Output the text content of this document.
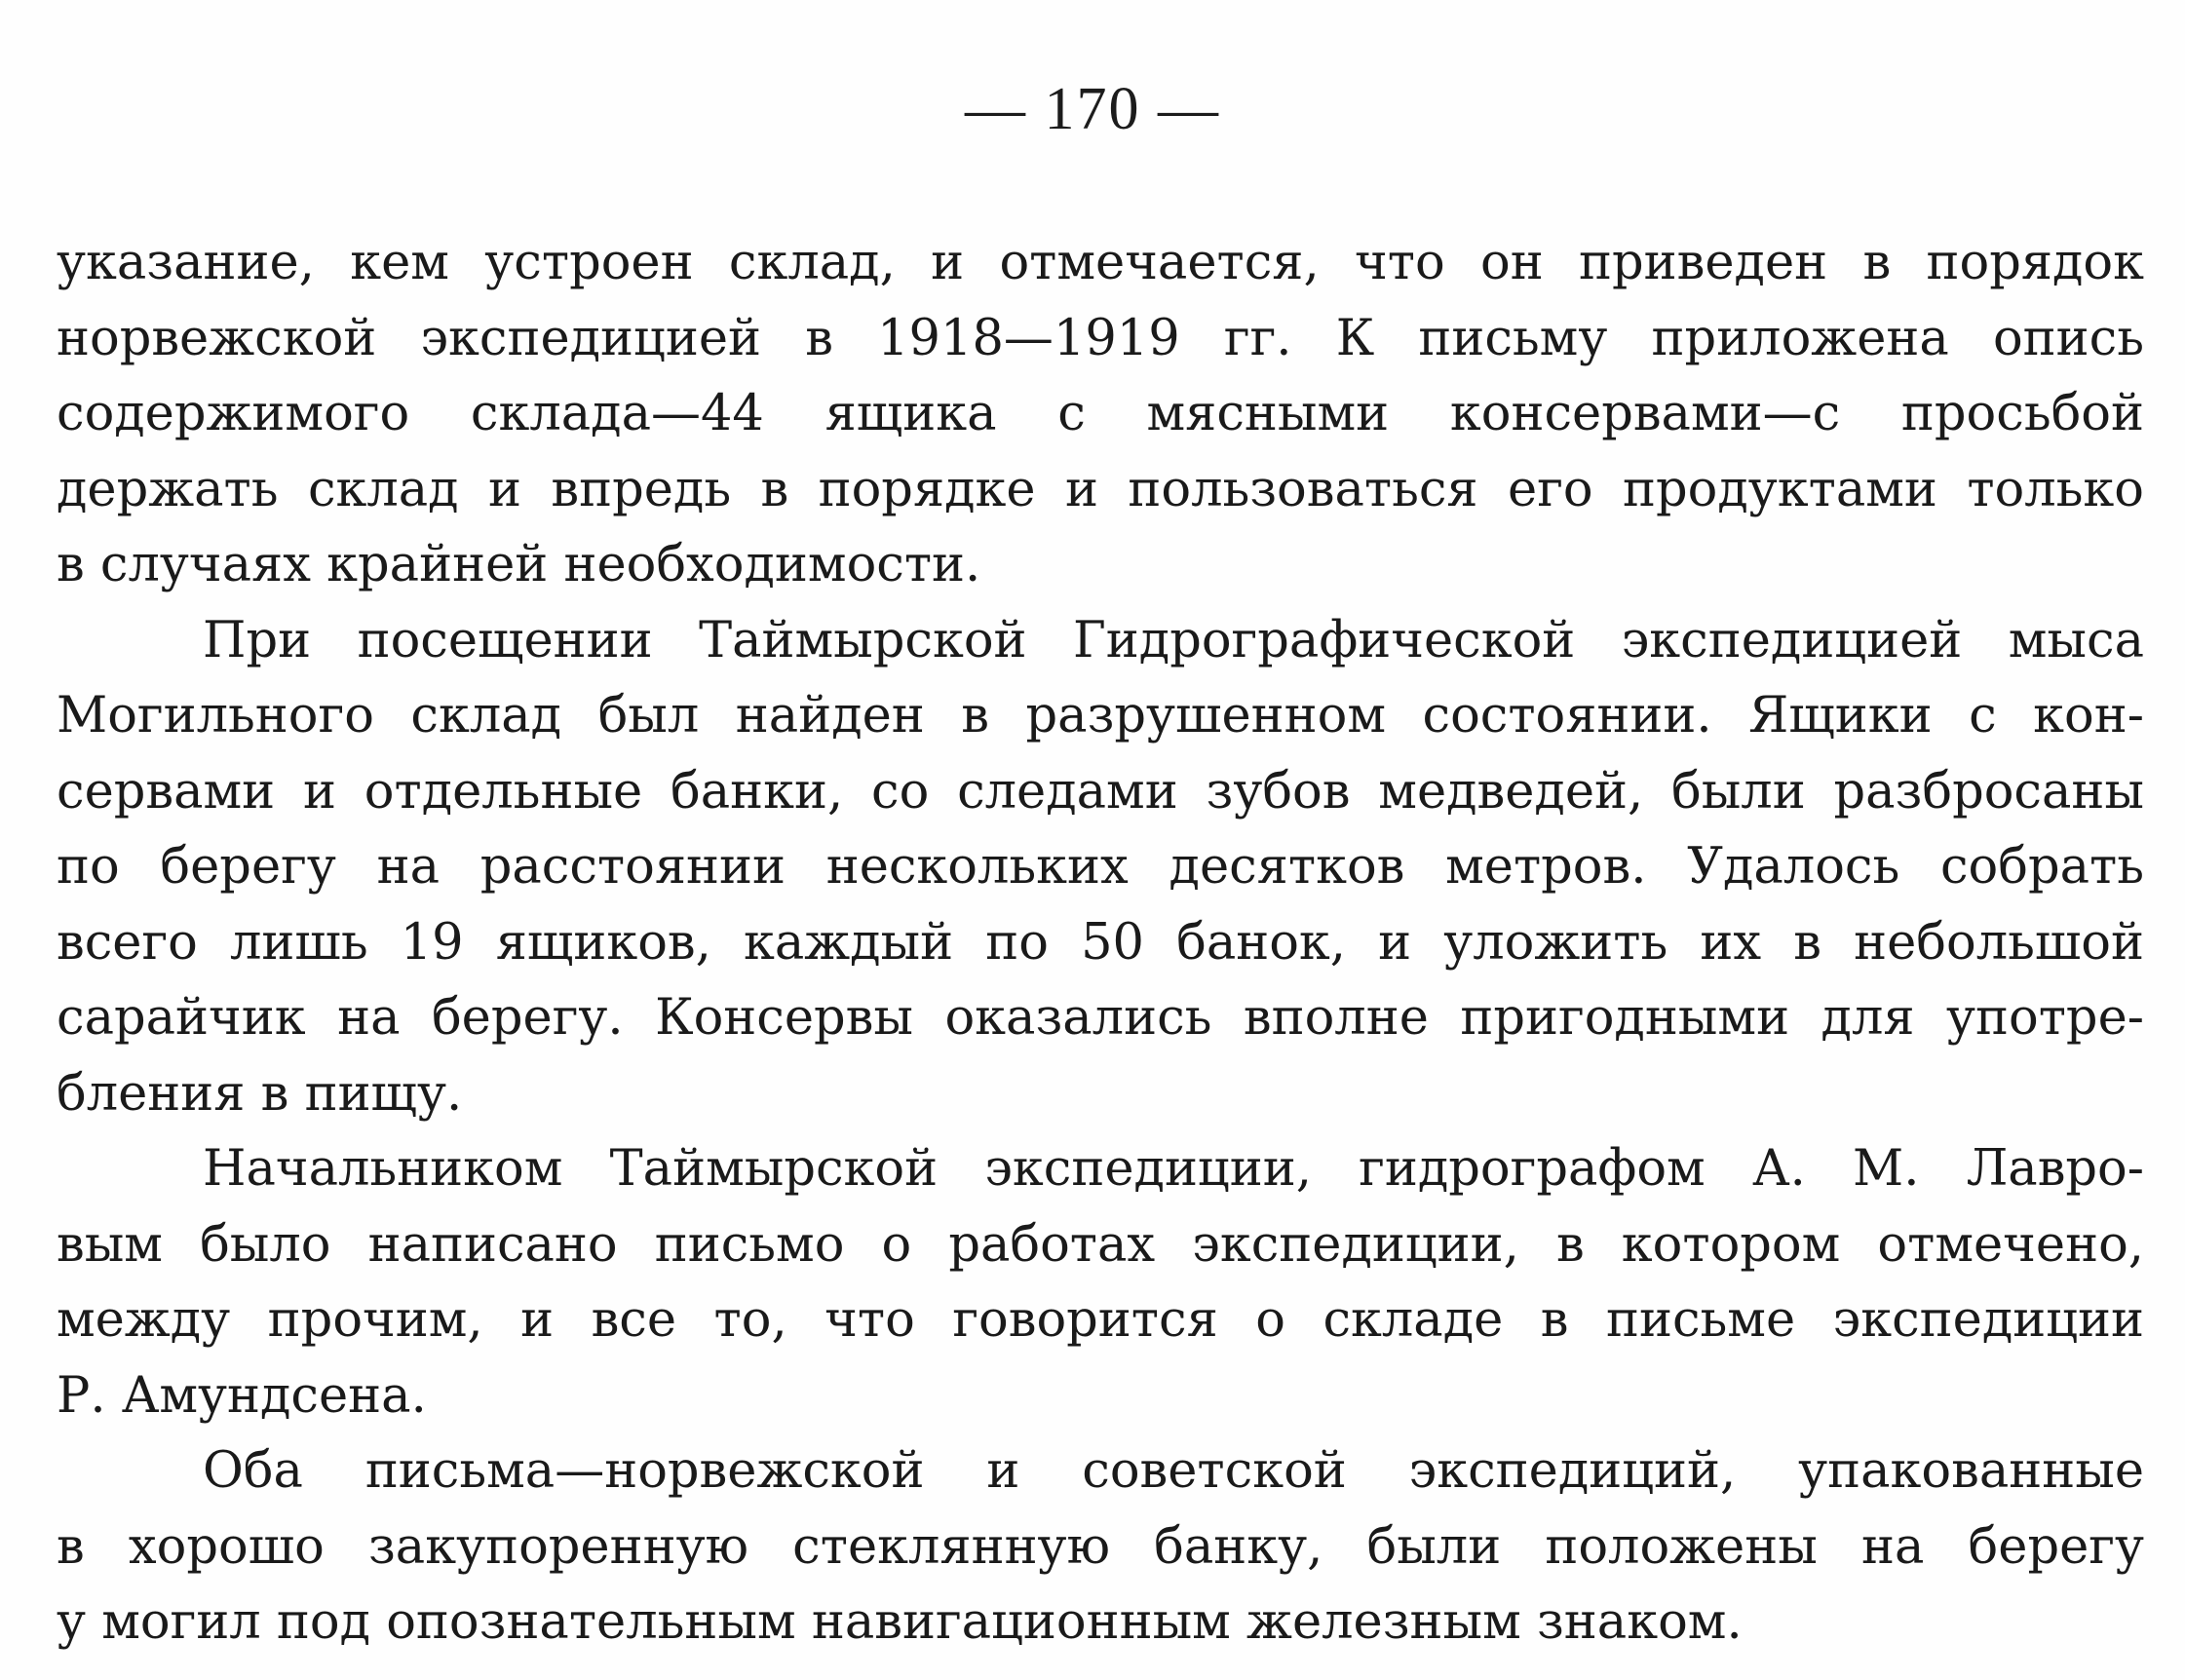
— 170 —
указание, кем устроен склад, и отмечается, что он приведен в порядок
норвежской экспедицией в 1918—1919 гг. К письму приложена опись
содержимого склада—44 ящика с мясными консервами—с просьбой
держать склад и впредь в порядке и пользоваться его продуктами только
в случаях крайней необходимости.
При посещении Таймырской Гидрографической экспедицией мыса
Могильного склад был найден в разрушенном состоянии. Ящики с кон-
сервами и отдельные банки, со следами зубов медведей, были разбросаны
по берегу на расстоянии нескольких десятков метров. Удалось собрать
всего лишь 19 ящиков, каждый по 50 банок, и уложить их в небольшой
сарайчик на берегу. Консервы оказались вполне пригодными для употре-
бления в пищу.
Начальником Таймырской экспедиции, гидрографом А. М. Лавро-
вым было написано письмо о работах экспедиции, в котором отмечено,
между прочим, и все то, что говорится о складе в письме экспедиции
Р. Амундсена.
Оба письма—норвежской и советской экспедиций, упакованные
в хорошо закупоренную стеклянную банку, были положены на берегу
у могил под опознательным навигационным железным знаком.
